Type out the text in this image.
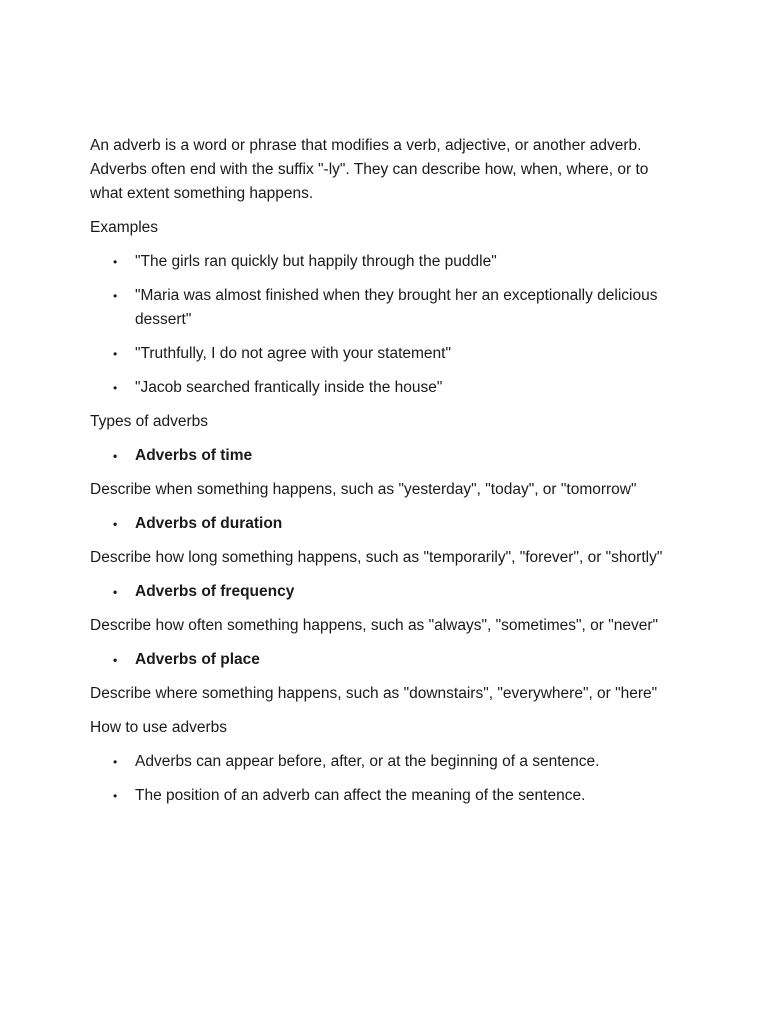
An adverb is a word or phrase that modifies a verb, adjective, or another adverb. Adverbs often end with the suffix "-ly". They can describe how, when, where, or to what extent something happens.

Examples

• "The girls ran quickly but happily through the puddle"
• "Maria was almost finished when they brought her an exceptionally delicious dessert"
• "Truthfully, I do not agree with your statement"
• "Jacob searched frantically inside the house"

Types of adverbs

• Adverbs of time

Describe when something happens, such as "yesterday", "today", or "tomorrow"

• Adverbs of duration

Describe how long something happens, such as "temporarily", "forever", or "shortly"

• Adverbs of frequency

Describe how often something happens, such as "always", "sometimes", or "never"

• Adverbs of place

Describe where something happens, such as "downstairs", "everywhere", or "here"

How to use adverbs

• Adverbs can appear before, after, or at the beginning of a sentence.
• The position of an adverb can affect the meaning of the sentence.
